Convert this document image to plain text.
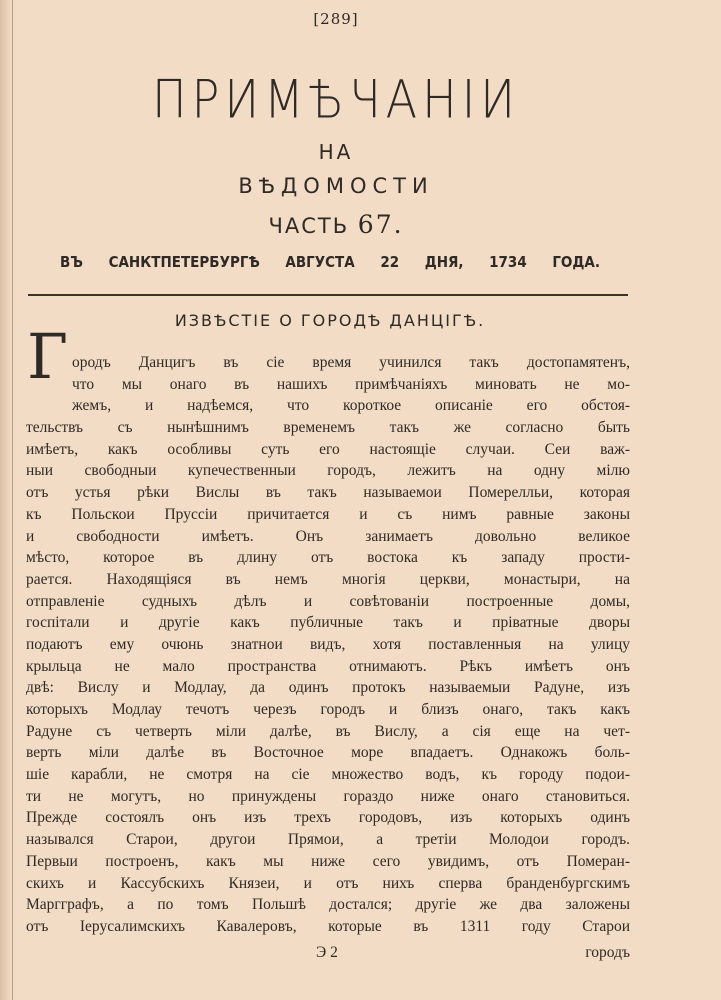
[289]
ПРИМѢЧАНIИ
НА
ВѢДОМОСТИ
ЧАСТЬ 67.
ВЪ САНКТПЕТЕРБУРГѢ АВГУСТА 22 ДНЯ, 1734 ГОДА.
ИЗВѢСТIЕ О ГОРОДѢ ДАНЦIГѢ.
Г ородъ Данцигъ въ сiе время учинился такъ достопамятенъ,
что мы онаго въ нашихъ примѣчанiяхъ миновать не мо-
жемъ, и надѣемся, что короткое описанiе его обстоя-
тельствъ съ нынѣшнимъ временемъ такъ же согласно быть
имѣетъ, какъ особливы суть его настоящiе случаи. Сеи важ-
ныи свободныи купечественныи городъ, лежитъ на одну мiлю
отъ устья рѣки Вислы въ такъ называемои Померелльи, которая
къ Польскои Пруссiи причитается и съ нимъ равные законы
и свободности имѣетъ. Онъ занимаетъ довольно великое
мѣсто, которое въ длину отъ востока къ западу прости-
рается. Находящiяся въ немъ многiя церкви, монастыри, на
отправленiе судныхъ дѣлъ и совѣтованiи построенные домы,
госпiтали и другiе какъ публичные такъ и прiватные дворы
подаютъ ему очюнь знатнои видъ, хотя поставленныя на улицу
крыльца не мало пространства отнимаютъ. Рѣкъ имѣетъ онъ
двѣ: Вислу и Модлау, да одинъ протокъ называемыи Радуне, изъ
которыхъ Модлау течотъ черезъ городъ и близъ онаго, такъ какъ
Радуне съ четверть мiли далѣе, въ Вислу, а сiя еще на чет-
верть мiли далѣе въ Восточное море впадаетъ. Однакожъ боль-
шiе карабли, не смотря на сiе множество водъ, къ городу подои-
ти не могутъ, но принуждены гораздо ниже онаго становиться.
Прежде состоялъ онъ изъ трехъ городовъ, изъ которыхъ одинъ
назывался Старои, другои Прямои, а третiи Молодои городъ.
Первыи построенъ, какъ мы ниже сего увидимъ, отъ Померан-
скихъ и Кассубскихъ Князеи, и отъ нихъ сперва бранденбургскимъ
Маргграфъ, а по томъ Польшѣ достался; другiе же два заложены
отъ Iерусалимскихъ Кавалеровъ, которые въ 1311 году Старои
Э 2	городъ
